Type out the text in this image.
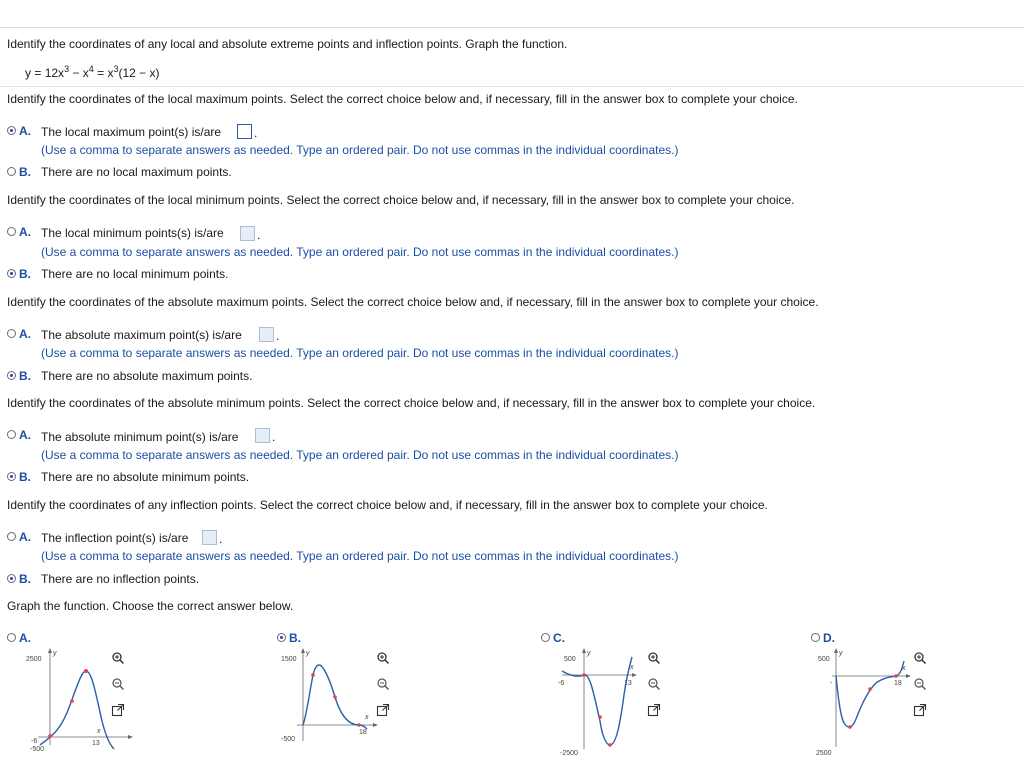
Identify the coordinates of any local and absolute extreme points and inflection points. Graph the function.
$y = 12x^3 - x^4 = x^3(12 - x)$
Identify the coordinates of the local maximum points. Select the correct choice below and, if necessary, fill in the answer box to complete your choice.
A. The local maximum point(s) is/are	.
(Use a comma to separate answers as needed. Type an ordered pair. Do not use commas in the individual coordinates.)
B. There are no local maximum points.
Identify the coordinates of the local minimum points. Select the correct choice below and, if necessary, fill in the answer box to complete your choice.
A. The local minimum points(s) is/are	.
(Use a comma to separate answers as needed. Type an ordered pair. Do not use commas in the individual coordinates.)
B. There are no local minimum points.
Identify the coordinates of the absolute maximum points. Select the correct choice below and, if necessary, fill in the answer box to complete your choice.
A. The absolute maximum point(s) is/are	.
(Use a comma to separate answers as needed. Type an ordered pair. Do not use commas in the individual coordinates.)
B. There are no absolute maximum points.
Identify the coordinates of the absolute minimum points. Select the correct choice below and, if necessary, fill in the answer box to complete your choice.
A. The absolute minimum point(s) is/are	.
(Use a comma to separate answers as needed. Type an ordered pair. Do not use commas in the individual coordinates.)
B. There are no absolute minimum points.
Identify the coordinates of any inflection points. Select the correct choice below and, if necessary, fill in the answer box to complete your choice.
A. The inflection point(s) is/are	.
(Use a comma to separate answers as needed. Type an ordered pair. Do not use commas in the individual coordinates.)
B. There are no inflection points.
Graph the function. Choose the correct answer below.
A.
2500
-500
-6	13
x
y
B.
1500
-500
18
x
y
C.
500
-2500
-6	13
x
y
D.
500
2500
-	18
x
y
